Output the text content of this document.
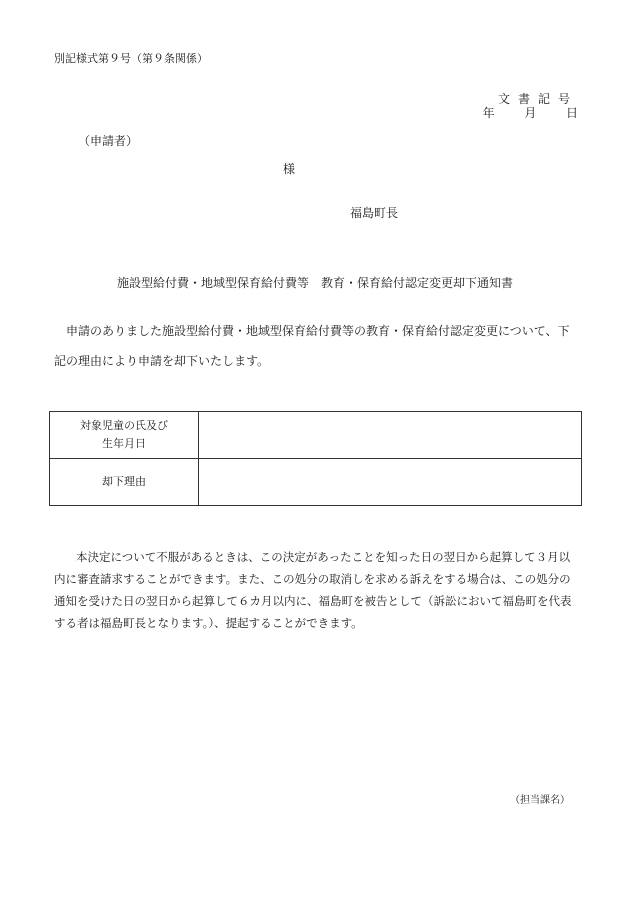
別記様式第９号（第９条関係）
文書記号
年 月 日
（申請者）
様
福島町長
施設型給付費・地域型保育給付費等　教育・保育給付認定変更却下通知書
申請のありました施設型給付費・地域型保育給付費等の教育・保育給付認定変更について、下記の理由により申請を却下いたします。
対象児童の氏及び
生年月日	

却下理由	
本決定について不服があるときは、この決定があったことを知った日の翌日から起算して３月以内に審査請求することができます。また、この処分の取消しを求める訴えをする場合は、この処分の通知を受けた日の翌日から起算して６カ月以内に、福島町を被告として（訴訟において福島町を代表する者は福島町長となります。）、提起することができます。
（担当課名）
